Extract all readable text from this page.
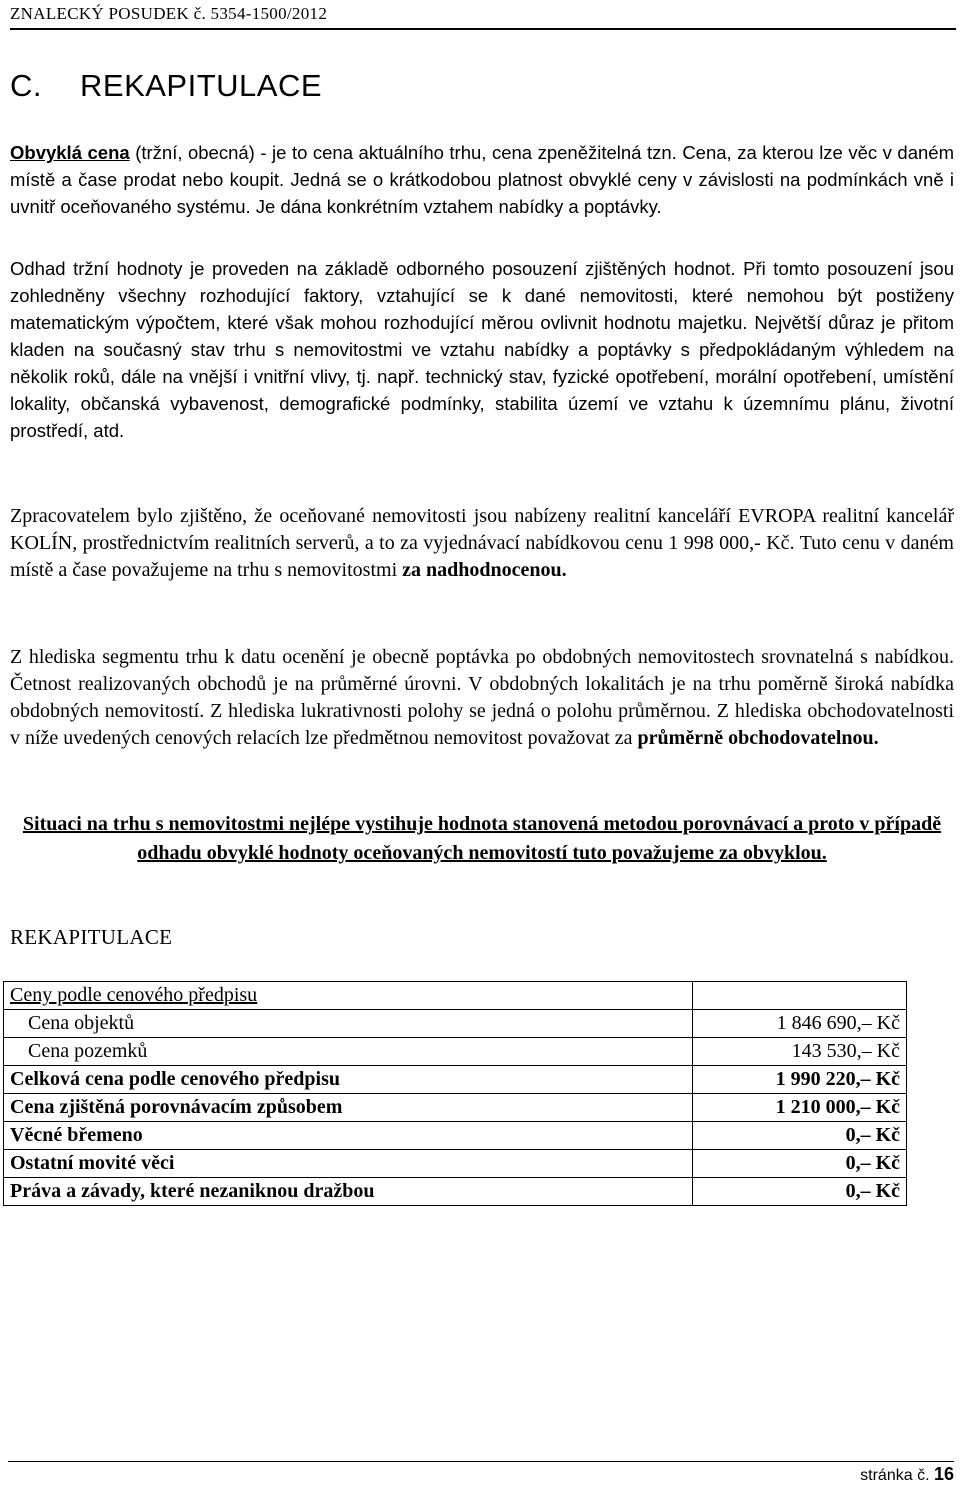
ZNALECKÝ POSUDEK č. 5354-1500/2012
C. REKAPITULACE

Obvyklá cena (tržní, obecná) - je to cena aktuálního trhu, cena zpeněžitelná tzn. Cena, za kterou lze věc v daném místě a čase prodat nebo koupit. Jedná se o krátkodobou platnost obvyklé ceny v závislosti na podmínkách vně i uvnitř oceňovaného systému. Je dána konkrétním vztahem nabídky a poptávky.

Odhad tržní hodnoty je proveden na základě odborného posouzení zjištěných hodnot. Při tomto posouzení jsou zohledněny všechny rozhodující faktory, vztahující se k dané nemovitosti, které nemohou být postiženy matematickým výpočtem, které však mohou rozhodující měrou ovlivnit hodnotu majetku. Největší důraz je přitom kladen na současný stav trhu s nemovitostmi ve vztahu nabídky a poptávky s předpokládaným výhledem na několik roků, dále na vnější i vnitřní vlivy, tj. např. technický stav, fyzické opotřebení, morální opotřebení, umístění lokality, občanská vybavenost, demografické podmínky, stabilita území ve vztahu k územnímu plánu, životní prostředí, atd.

Zpracovatelem bylo zjištěno, že oceňované nemovitosti jsou nabízeny realitní kanceláří EVROPA realitní kancelář KOLÍN, prostřednictvím realitních serverů, a to za vyjednávací nabídkovou cenu 1 998 000,- Kč. Tuto cenu v daném místě a čase považujeme na trhu s nemovitostmi za nadhodnocenou.

Z hlediska segmentu trhu k datu ocenění je obecně poptávka po obdobných nemovitostech srovnatelná s nabídkou. Četnost realizovaných obchodů je na průměrné úrovni. V obdobných lokalitách je na trhu poměrně široká nabídka obdobných nemovitostí. Z hlediska lukrativnosti polohy se jedná o polohu průměrnou. Z hlediska obchodovatelnosti v níže uvedených cenových relacích lze předmětnou nemovitost považovat za průměrně obchodovatelnou.

Situaci na trhu s nemovitostmi nejlépe vystihuje hodnota stanovená metodou porovnávací a proto v případě odhadu obvyklé hodnoty oceňovaných nemovitostí tuto považujeme za obvyklou.
REKAPITULACE
Ceny podle cenového předpisu	
Cena objektů	1 846 690,– Kč
Cena pozemků	143 530,– Kč
Celková cena podle cenového předpisu	1 990 220,– Kč
Cena zjištěná porovnávacím způsobem	1 210 000,– Kč
Věcné břemeno	0,– Kč
Ostatní movité věci	0,– Kč
Práva a závady, které nezaniknou dražbou	0,– Kč
stránka č. 16
